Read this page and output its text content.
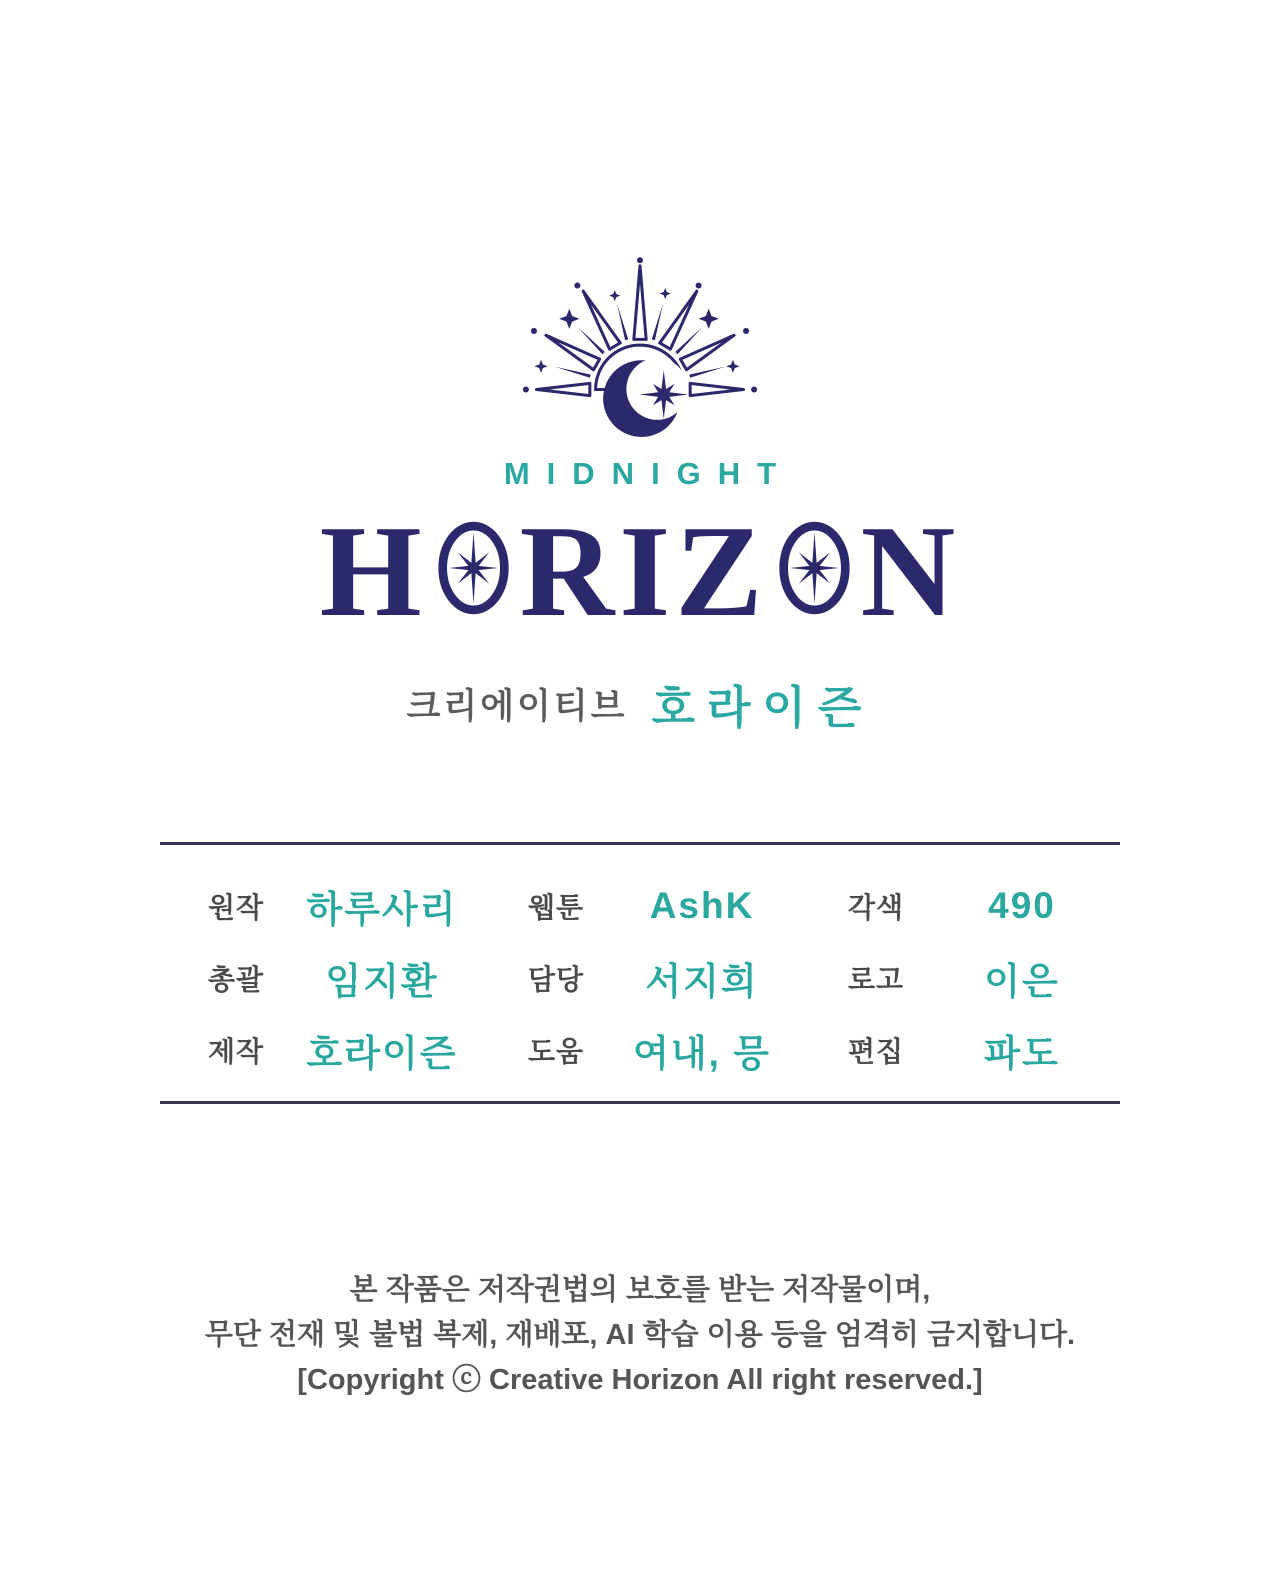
MIDNIGHT
H RIZ N
크리에이티브 호라이즌
원작	하루사리	웹툰	AshK	각색	490
총괄	임지환	담당	서지희	로고	이은
제작	호라이즌	도움	여내, 믕	편집	파도
본 작품은 저작권법의 보호를 받는 저작물이며,
무단 전재 및 불법 복제, 재배포, AI 학습 이용 등을 엄격히 금지합니다.
[Copyright ⓒ Creative Horizon All right reserved.]
